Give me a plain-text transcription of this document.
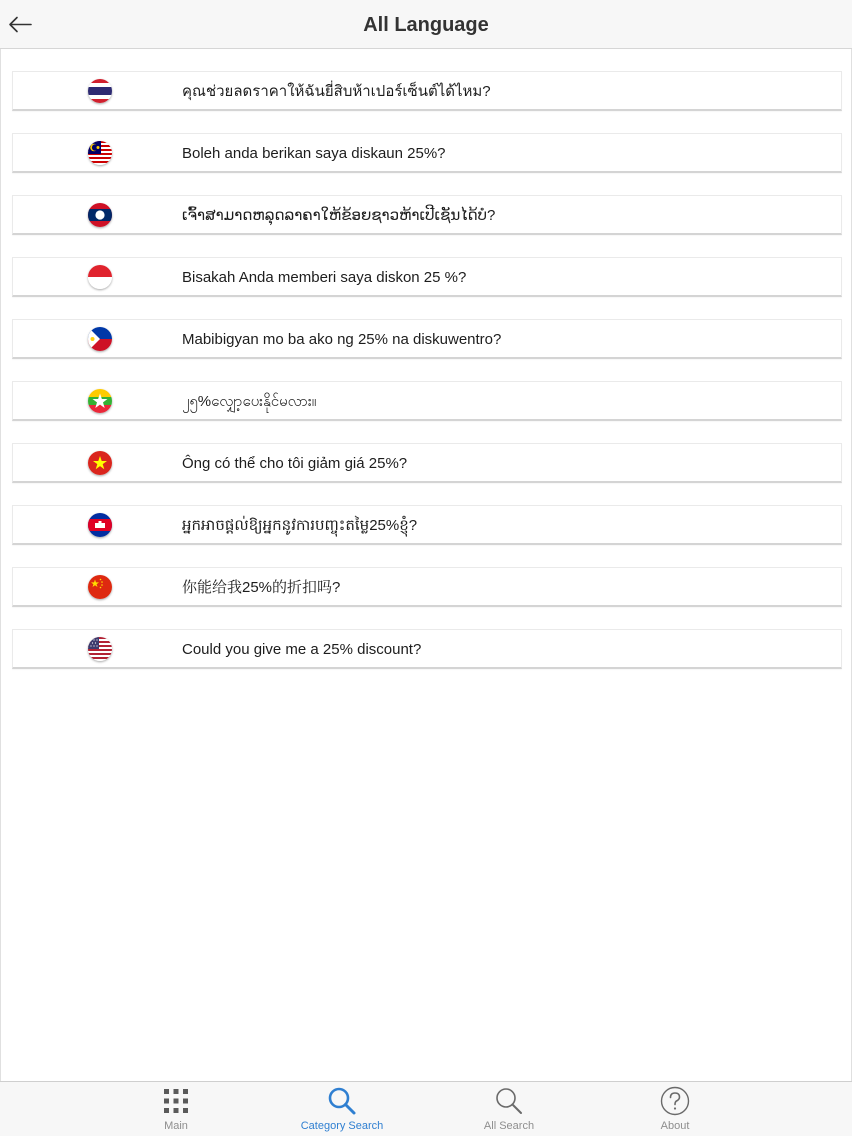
All Language
คุณช่วยลดราคาให้ฉันยี่สิบห้าเปอร์เซ็นต์ได้ไหม?
Boleh anda berikan saya diskaun 25%?
ເຈົ້າສາມາດຫລຸດລາຄາໃຫ້ຂ້ອຍຊາວຫ້າເປີເຊັນໄດ້ບໍ?
Bisakah Anda memberi saya diskon 25 %?
Mabibigyan mo ba ako ng 25% na diskuwentro?
၂၅%လျှော့ပေးနိုင်မလား။
Ông có thể cho tôi giảm giá 25%?
អ្នកអាចផ្តល់ឱ្យអ្នកនូវការបញ្ចុះតម្លៃ25%ខ្ញុំ?
你能给我25%的折扣吗?
Could you give me a 25% discount?
Main	Category Search	All Search	About
